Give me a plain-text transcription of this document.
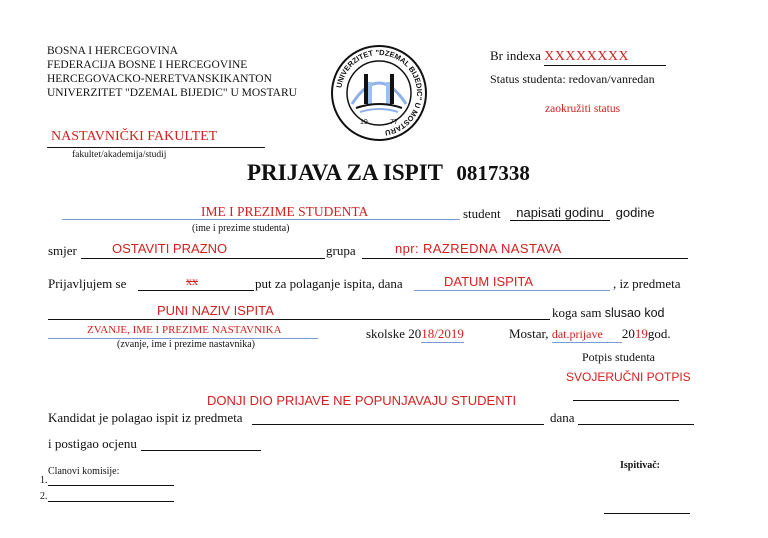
BOSNA I HERCEGOVINA
FEDERACIJA BOSNE I HERCEGOVINE
HERCEGOVACKO-NERETVANSKIKANTON
UNIVERZITET "DZEMAL BIJEDIC" U MOSTARU
UNIVERZITET "DZEMAL BIJEDIC" U MOSTARU
19	77
Br indexa XXXXXXXX
Status studenta: redovan/vanredan
zaokružiti status
NASTAVNIČKI FAKULTET
fakultet/akademija/studij
PRIJAVA ZA ISPIT 0817338
IME I PREZIME STUDENTA	student	napisati godinu godine
(ime i prezime studenta)
smjer	OSTAVITI PRAZNO	grupa	npr: RAZREDNA NASTAVA
Prijavljujem se	xx	put za polaganje ispita, dana	DATUM ISPITA	, iz predmeta
PUNI NAZIV ISPITA	koga sam slusao kod
ZVANJE, IME I PREZIME NASTAVNIKA
(zvanje, ime i prezime nastavnika)
skolske 2018/2019	Mostar, dat.prijave 2019god.
Potpis studenta
SVOJERUČNI POTPIS
DONJI DIO PRIJAVE NE POPUNJAVAJU STUDENTI
Kandidat je polagao ispit iz predmeta	dana
i postigao ocjenu
Clanovi komisije:
1.
2.
Ispitivač:
